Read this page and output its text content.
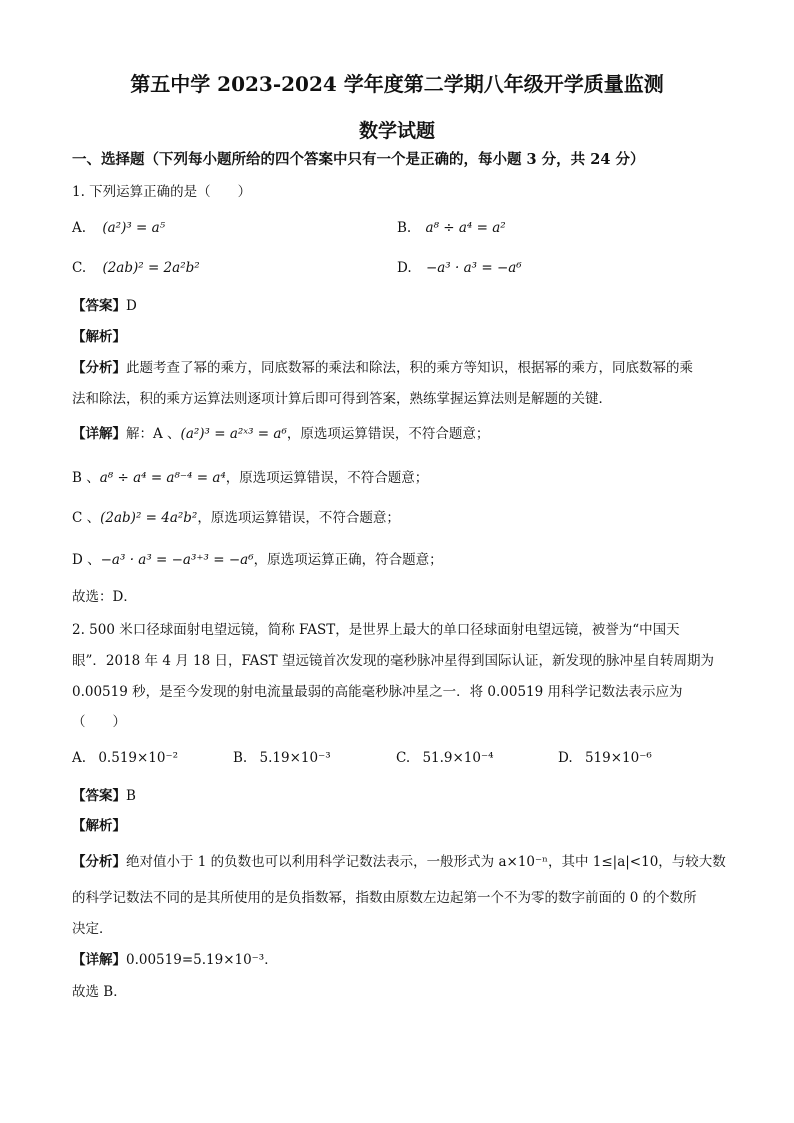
第五中学 2023-2024 学年度第二学期八年级开学质量监测
数学试题
一、选择题（下列每小题所给的四个答案中只有一个是正确的，每小题 3 分，共 24 分）
1. 下列运算正确的是（　　）
A. (a²)³ = a⁵	B. a⁸ ÷ a⁴ = a²
C. (2ab)² = 2a²b²	D. −a³ · a³ = −a⁶
【答案】D
【解析】
【分析】此题考查了幂的乘方，同底数幂的乘法和除法，积的乘方等知识，根据幂的乘方，同底数幂的乘
法和除法，积的乘方运算法则逐项计算后即可得到答案，熟练掌握运算法则是解题的关键．
【详解】解：A 、(a²)³ = a²ˣ³ = a⁶，原选项运算错误，不符合题意；
B 、a⁸ ÷ a⁴ = a⁸⁻⁴ = a⁴，原选项运算错误，不符合题意；
C 、(2ab)² = 4a²b²，原选项运算错误，不符合题意；
D 、−a³ · a³ = −a³⁺³ = −a⁶，原选项运算正确，符合题意；
故选：D．
2. 500 米口径球面射电望远镜，简称 FAST，是世界上最大的单口径球面射电望远镜，被誉为“中国天
眼”．2018 年 4 月 18 日，FAST 望远镜首次发现的毫秒脉冲星得到国际认证，新发现的脉冲星自转周期为
0.00519 秒，是至今发现的射电流量最弱的高能毫秒脉冲星之一．将 0.00519 用科学记数法表示应为
（　　）
A. 0.519×10⁻²	B. 5.19×10⁻³	C. 51.9×10⁻⁴	D. 519×10⁻⁶
【答案】B
【解析】
【分析】绝对值小于 1 的负数也可以利用科学记数法表示，一般形式为 a×10⁻ⁿ，其中 1≤|a|<10，与较大数
的科学记数法不同的是其所使用的是负指数幂，指数由原数左边起第一个不为零的数字前面的 0 的个数所
决定．
【详解】0.00519=5.19×10⁻³．
故选 B．
